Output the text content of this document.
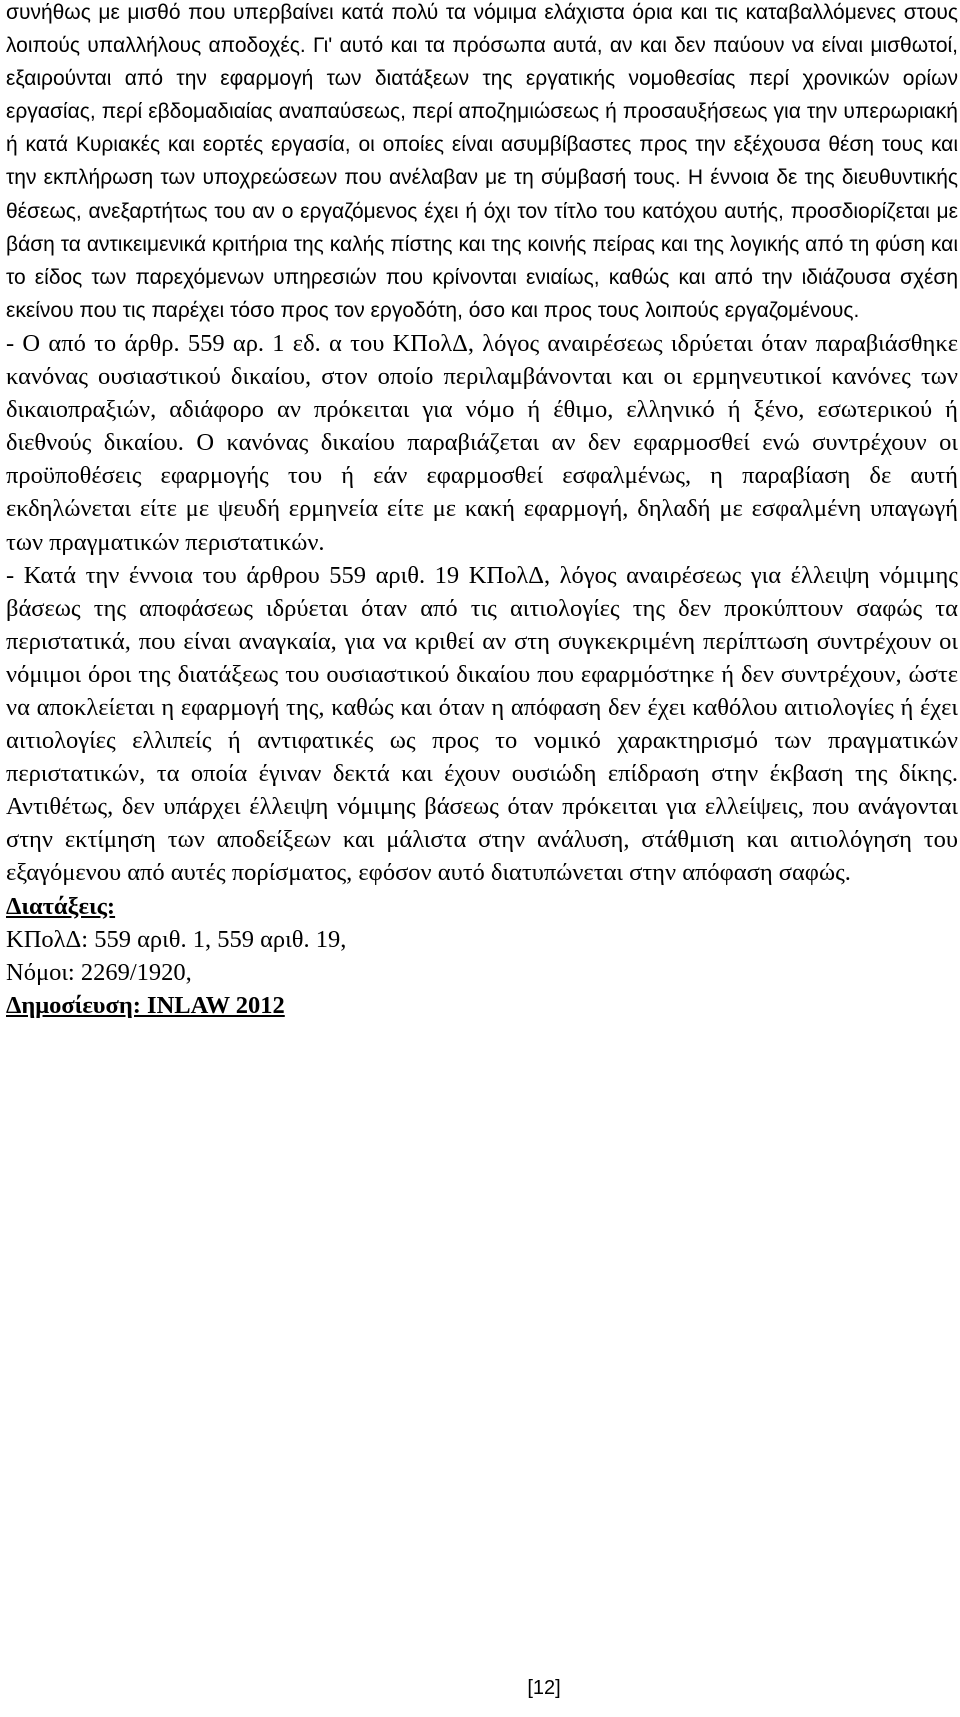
συνήθως με μισθό που υπερβαίνει κατά πολύ τα νόμιμα ελάχιστα όρια και τις καταβαλλόμενες στους λοιπούς υπαλλήλους αποδοχές. Γι' αυτό και τα πρόσωπα αυτά, αν και δεν παύουν να είναι μισθωτοί, εξαιρούνται από την εφαρμογή των διατάξεων της εργατικής νομοθεσίας περί χρονικών ορίων εργασίας, περί εβδομαδιαίας αναπαύσεως, περί αποζημιώσεως ή προσαυξήσεως για την υπερωριακή ή κατά Κυριακές και εορτές εργασία, οι οποίες είναι ασυμβίβαστες προς την εξέχουσα θέση τους και την εκπλήρωση των υποχρεώσεων που ανέλαβαν με τη σύμβασή τους. Η έννοια δε της διευθυντικής θέσεως, ανεξαρτήτως του αν ο εργαζόμενος έχει ή όχι τον τίτλο του κατόχου αυτής, προσδιορίζεται με βάση τα αντικειμενικά κριτήρια της καλής πίστης και της κοινής πείρας και της λογικής από τη φύση και το είδος των παρεχόμενων υπηρεσιών που κρίνονται ενιαίως, καθώς και από την ιδιάζουσα σχέση εκείνου που τις παρέχει τόσο προς τον εργοδότη, όσο και προς τους λοιπούς εργαζομένους.

- Ο από το άρθρ. 559 αρ. 1 εδ. α του ΚΠολΔ, λόγος αναιρέσεως ιδρύεται όταν παραβιάσθηκε κανόνας ουσιαστικού δικαίου, στον οποίο περιλαμβάνονται και οι ερμηνευτικοί κανόνες των δικαιοπραξιών, αδιάφορο αν πρόκειται για νόμο ή έθιμο, ελληνικό ή ξένο, εσωτερικού ή διεθνούς δικαίου. Ο κανόνας δικαίου παραβιάζεται αν δεν εφαρμοσθεί ενώ συντρέχουν οι προϋποθέσεις εφαρμογής του ή εάν εφαρμοσθεί εσφαλμένως, η παραβίαση δε αυτή εκδηλώνεται είτε με ψευδή ερμηνεία είτε με κακή εφαρμογή, δηλαδή με εσφαλμένη υπαγωγή των πραγματικών περιστατικών.

- Κατά την έννοια του άρθρου 559 αριθ. 19 ΚΠολΔ, λόγος αναιρέσεως για έλλειψη νόμιμης βάσεως της αποφάσεως ιδρύεται όταν από τις αιτιολογίες της δεν προκύπτουν σαφώς τα περιστατικά, που είναι αναγκαία, για να κριθεί αν στη συγκεκριμένη περίπτωση συντρέχουν οι νόμιμοι όροι της διατάξεως του ουσιαστικού δικαίου που εφαρμόστηκε ή δεν συντρέχουν, ώστε να αποκλείεται η εφαρμογή της, καθώς και όταν η απόφαση δεν έχει καθόλου αιτιολογίες ή έχει αιτιολογίες ελλιπείς ή αντιφατικές ως προς το νομικό χαρακτηρισμό των πραγματικών περιστατικών, τα οποία έγιναν δεκτά και έχουν ουσιώδη επίδραση στην έκβαση της δίκης. Αντιθέτως, δεν υπάρχει έλλειψη νόμιμης βάσεως όταν πρόκειται για ελλείψεις, που ανάγονται στην εκτίμηση των αποδείξεων και μάλιστα στην ανάλυση, στάθμιση και αιτιολόγηση του εξαγόμενου από αυτές πορίσματος, εφόσον αυτό διατυπώνεται στην απόφαση σαφώς.

Διατάξεις:

ΚΠολΔ: 559 αριθ. 1, 559 αριθ. 19,

Νόμοι: 2269/1920,

Δημοσίευση: INLAW 2012

[12]
